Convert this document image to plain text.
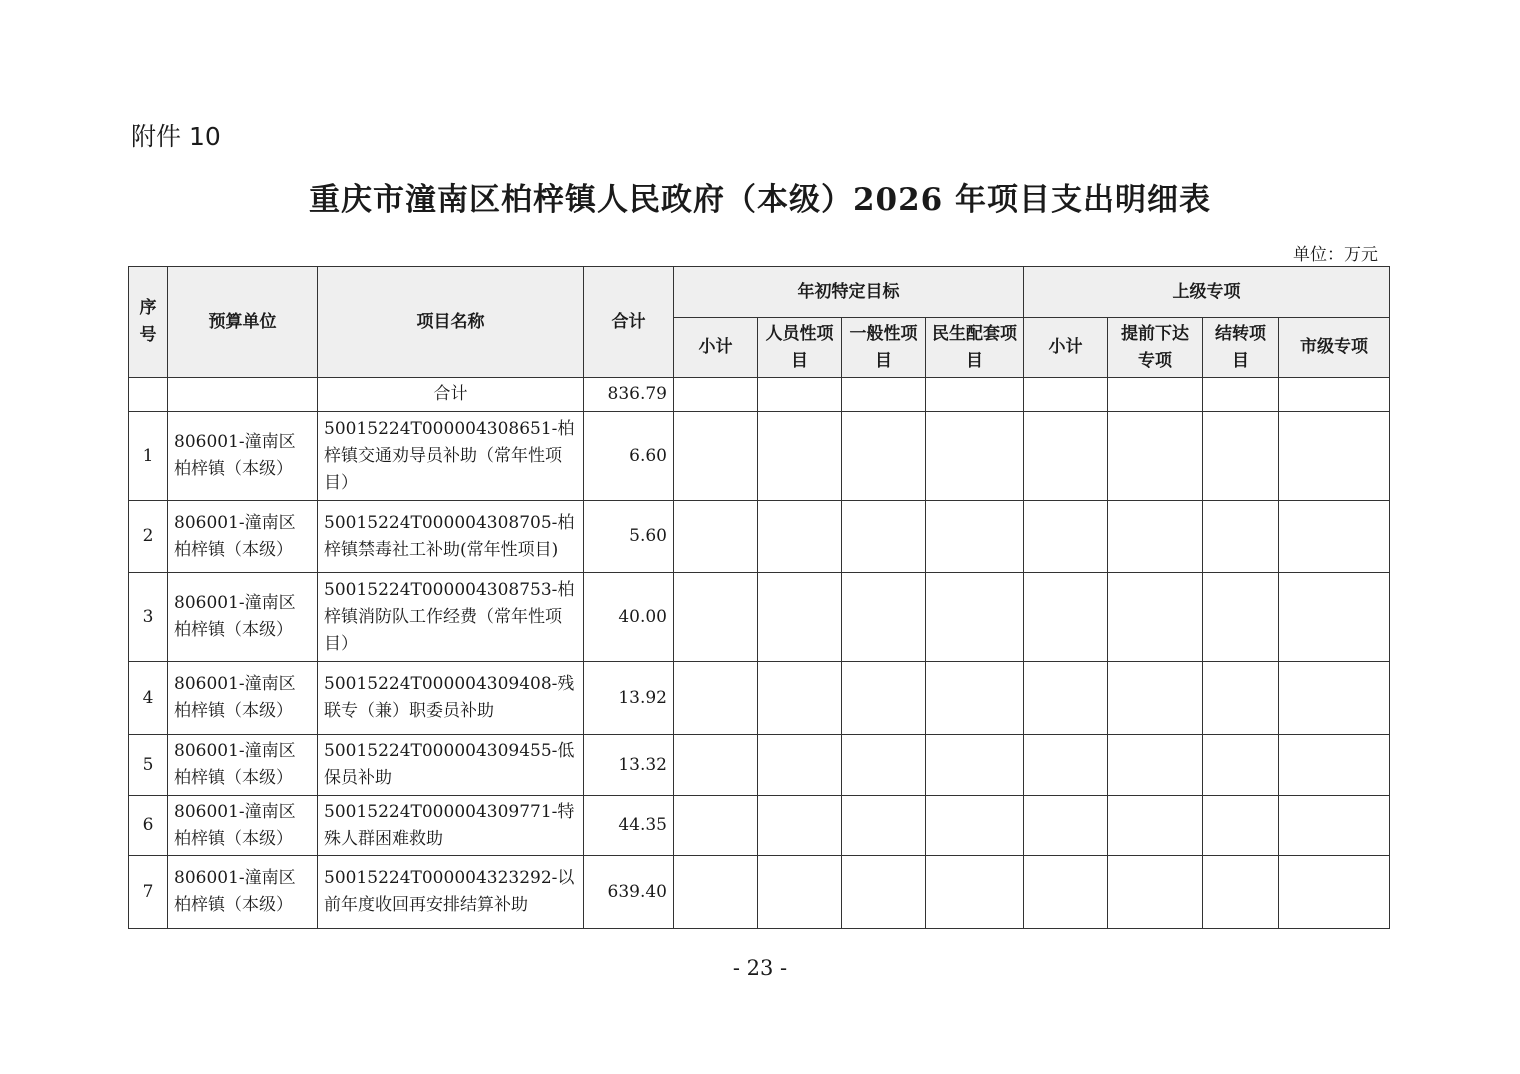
附件 10
重庆市潼南区柏梓镇人民政府（本级）2026 年项目支出明细表
单位：万元
序号	预算单位	项目名称	合计	年初特定目标				上级专项			
				小计	人员性项目	一般性项目	民生配套项目	小计	提前下达专项	结转项目	市级专项
		合计	836.79								
1	806001-潼南区柏梓镇（本级）	50015224T000004308651-柏梓镇交通劝导员补助（常年性项目）	6.60								
2	806001-潼南区柏梓镇（本级）	50015224T000004308705-柏梓镇禁毒社工补助(常年性项目)	5.60								
3	806001-潼南区柏梓镇（本级）	50015224T000004308753-柏梓镇消防队工作经费（常年性项目）	40.00								
4	806001-潼南区柏梓镇（本级）	50015224T000004309408-残联专（兼）职委员补助	13.92								
5	806001-潼南区柏梓镇（本级）	50015224T000004309455-低保员补助	13.32								
6	806001-潼南区柏梓镇（本级）	50015224T000004309771-特殊人群困难救助	44.35								
7	806001-潼南区柏梓镇（本级）	50015224T000004323292-以前年度收回再安排结算补助	639.40								
- 23 -
